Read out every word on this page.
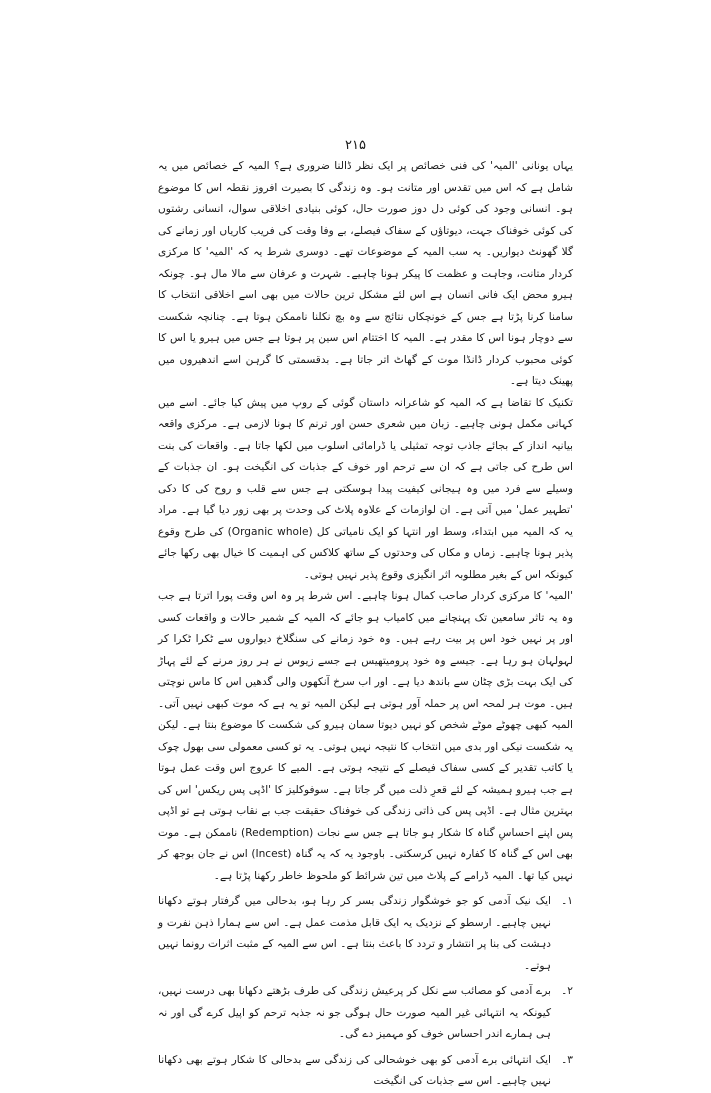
۲۱۵

یہاں یونانی 'المیہ' کی فنی خصائص پر ایک نظر ڈالنا ضروری ہے؟ المیہ کے خصائص میں یہ شامل ہے کہ اس میں تقدس اور متانت ہو۔ وہ زندگی کا بصیرت افروز نقطہ اس کا موضوع ہو۔ انسانی وجود کی کوئی دل دوز صورت حال، کوئی بنیادی اخلاقی سوال، انسانی رشتوں کی کوئی خوفناک جہت، دیوتاؤں کے سفاک فیصلے، بے وفا وقت کی فریب کاریاں اور زمانے کی گلا گھونٹ دیواریں۔ یہ سب المیہ کے موضوعات تھے۔ دوسری شرط یہ کہ 'المیہ' کا مرکزی کردار متانت، وجاہت و عظمت کا پیکر ہونا چاہیے۔ شہرت و عرفان سے مالا مال ہو۔ چونکہ ہیرو محض ایک فانی انسان ہے اس لئے مشکل ترین حالات میں بھی اسے اخلاقی انتخاب کا سامنا کرنا پڑتا ہے جس کے خونچکاں نتائج سے وہ بچ نکلنا ناممکن ہوتا ہے۔ چنانچہ شکست سے دوچار ہونا اس کا مقدر ہے۔ المیہ کا اختتام اس سین پر ہوتا ہے جس میں ہیرو یا اس کا کوئی محبوب کردار ڈانڈا موت کے گھاٹ اتر جاتا ہے۔ بدقسمتی کا گرہن اسے اندھیروں میں پھینک دیتا ہے۔

تکنیک کا تقاضا ہے کہ المیہ کو شاعرانہ داستان گوئی کے روپ میں پیش کیا جائے۔ اسے میں کہانی مکمل ہونی چاہیے۔ زبان میں شعری حسن اور ترنم کا ہونا لازمی ہے۔ مرکزی واقعہ بیانیہ انداز کے بجائے جاذب توجہ تمثیلی یا ڈرامائی اسلوب میں لکھا جاتا ہے۔ واقعات کی بنت اس طرح کی جاتی ہے کہ ان سے ترحم اور خوف کے جذبات کی انگیخت ہو۔ ان جذبات کے وسیلے سے فرد میں وہ ہیجانی کیفیت پیدا ہوسکتی ہے جس سے قلب و روح کی کا دکی 'تطہیر عمل' میں آتی ہے۔ ان لوازمات کے علاوہ پلاٹ کی وحدت پر بھی زور دیا گیا ہے۔ مراد یہ کہ المیہ میں ابتداء، وسط اور انتہا کو ایک نامیاتی کل (Organic whole) کی طرح وقوع پذیر ہونا چاہیے۔ زماں و مکاں کی وحدتوں کے ساتھ کلاکس کی اہمیت کا خیال بھی رکھا جائے کیونکہ اس کے بغیر مطلوبہ اثر انگیزی وقوع پذیر نہیں ہوتی۔

'المیہ' کا مرکزی کردار صاحب کمال ہونا چاہیے۔ اس شرط پر وہ اس وقت پورا اترتا ہے جب وہ یہ تاثر سامعین تک پہنچانے میں کامیاب ہو جائے کہ المیہ کے شمیر حالات و واقعات کسی اور پر نہیں خود اس پر بیت رہے ہیں۔ وہ خود زمانے کی سنگلاخ دیواروں سے ٹکرا ٹکرا کر لہولہان ہو رہا ہے۔ جیسے وہ خود پرومیتھیس ہے جسے زیوس نے ہر روز مرنے کے لئے پہاڑ کی ایک بہت بڑی چٹان سے باندھ دیا ہے۔ اور اب سرخ آنکھوں والی گدھیں اس کا ماس نوچتی ہیں۔ موت ہر لمحہ اس پر حملہ آور ہوتی ہے لیکن المیہ تو یہ ہے کہ موت کبھی نہیں آتی۔ المیہ کبھی چھوٹے موٹے شخص کو نہیں دیوتا سمان ہیرو کی شکست کا موضوع بنتا ہے۔ لیکن یہ شکست نیکی اور بدی میں انتخاب کا نتیجہ نہیں ہوتی۔ یہ تو کسی معمولی سی بھول چوک یا کاتب تقدیر کے کسی سفاک فیصلے کے نتیجہ ہوتی ہے۔ المیے کا عروج اس وقت عمل ہوتا ہے جب ہیرو ہمیشہ کے لئے قعرِ ذلت میں گر جاتا ہے۔ سوفوکلیز کا 'اڈپی پس ریکس' اس کی بہترین مثال ہے۔ اڈپی پس کی ذاتی زندگی کی خوفناک حقیقت جب بے نقاب ہوتی ہے تو اڈپی پس اپنے احساسِ گناہ کا شکار ہو جاتا ہے جس سے نجات (Redemption) ناممکن ہے۔ موت بھی اس کے گناہ کا کفارہ نہیں کرسکتی۔ باوجود یہ کہ یہ گناہ (Incest) اس نے جان بوجھ کر نہیں کیا تھا۔ المیہ ڈرامے کے پلاٹ میں تین شرائط کو ملحوظ خاطر رکھنا پڑتا ہے۔

۱۔
ایک نیک آدمی کو جو خوشگوار زندگی بسر کر رہا ہو، بدحالی میں گرفتار ہوتے دکھانا نہیں چاہیے۔ ارسطو کے نزدیک یہ ایک قابل مذمت عمل ہے۔ اس سے ہمارا ذہن نفرت و دہشت کی بنا پر انتشار و تردد کا باعث بنتا ہے۔ اس سے المیہ کے مثبت اثرات رونما نہیں ہوتے۔
۲۔
برے آدمی کو مصائب سے نکل کر پرعیش زندگی کی طرف بڑھتے دکھانا بھی درست نہیں، کیونکہ یہ انتہائی غیر المیہ صورت حال ہوگی جو نہ جذبہ ترحم کو اپیل کرے گی اور نہ ہی ہمارے اندر احساس خوف کو مہمیز دے گی۔
۳۔
ایک انتہائی برے آدمی کو بھی خوشحالی کی زندگی سے بدحالی کا شکار ہوتے بھی دکھانا نہیں چاہیے۔ اس سے جذبات کی انگیخت
